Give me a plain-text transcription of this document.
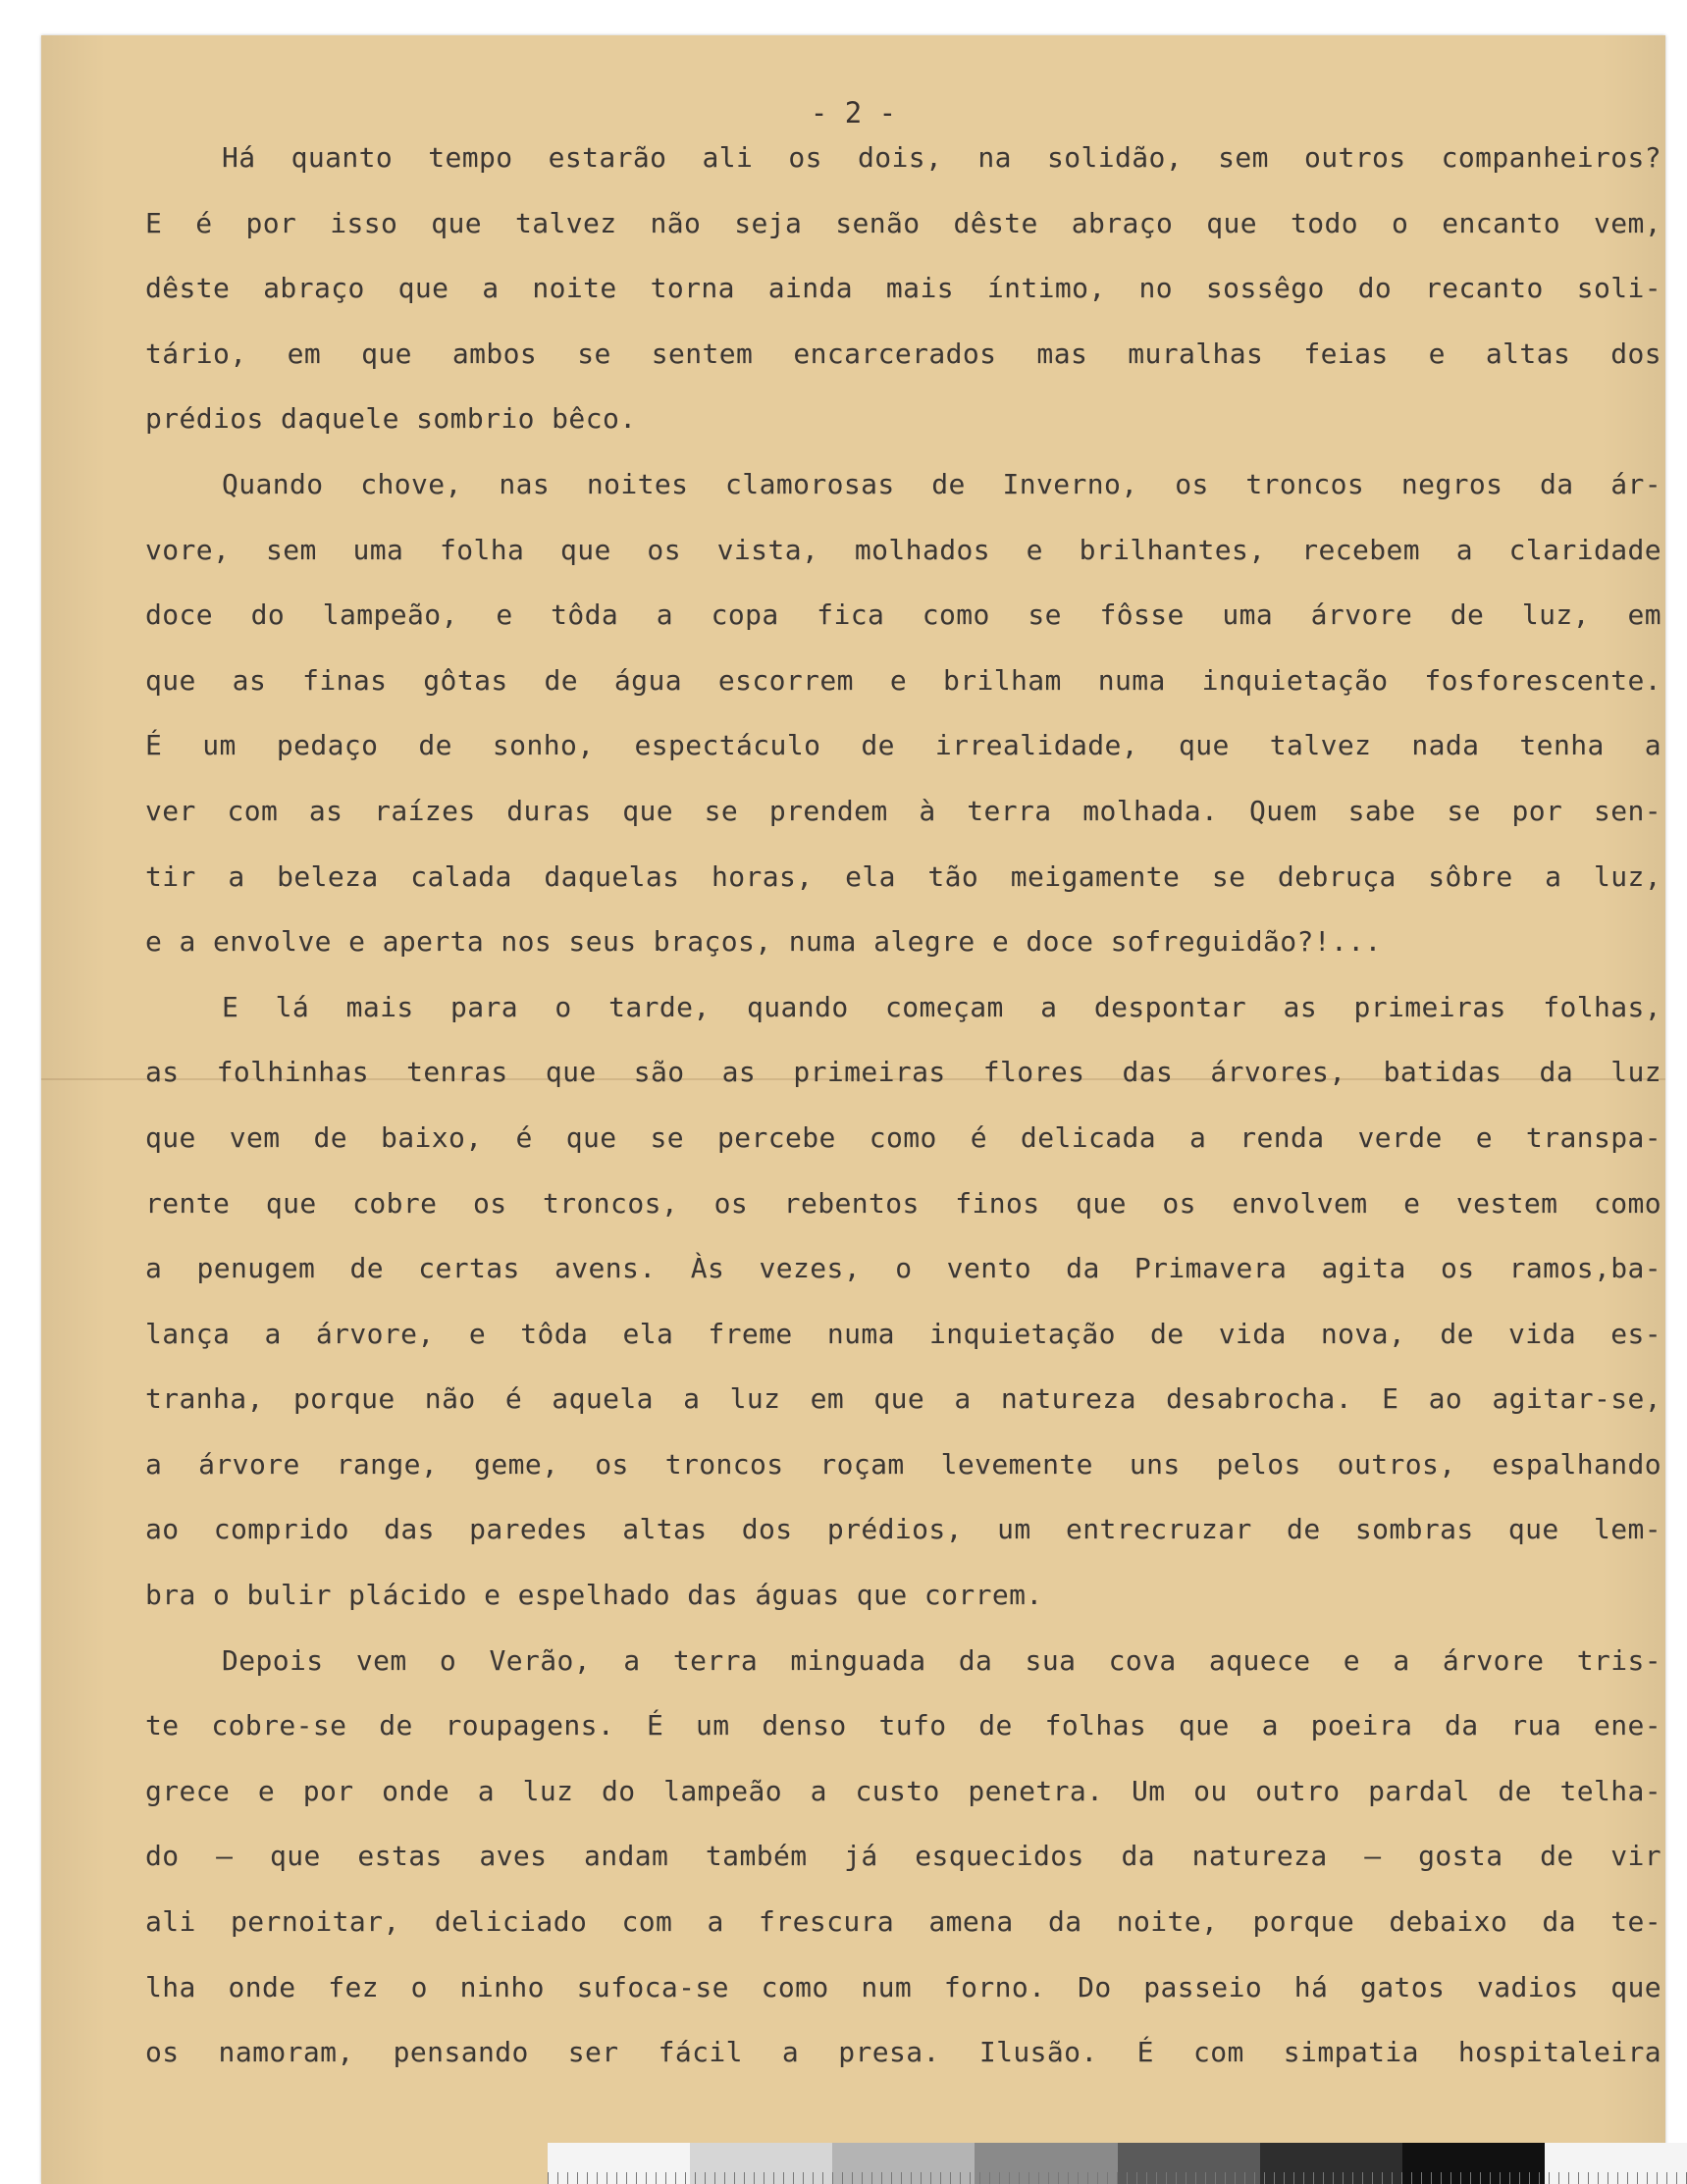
- 2 -
Há quanto tempo estarão ali os dois, na solidão, sem outros companheiros?
E é por isso que talvez não seja senão dêste abraço que todo o encanto vem,
dêste abraço que a noite torna ainda mais íntimo, no sossêgo do recanto soli-
tário, em que ambos se sentem encarcerados mas muralhas feias e altas dos
prédios daquele sombrio bêco.
Quando chove, nas noites clamorosas de Inverno, os troncos negros da ár-
vore, sem uma folha que os vista, molhados e brilhantes, recebem a claridade
doce do lampeão, e tôda a copa fica como se fôsse uma árvore de luz, em
que as finas gôtas de água escorrem e brilham numa inquietação fosforescente.
É um pedaço de sonho, espectáculo de irrealidade, que talvez nada tenha a
ver com as raízes duras que se prendem à terra molhada. Quem sabe se por sen-
tir a beleza calada daquelas horas, ela tão meigamente se debruça sôbre a luz,
e a envolve e aperta nos seus braços, numa alegre e doce sofreguidão?!...
E lá mais para o tarde, quando começam a despontar as primeiras folhas,
as folhinhas tenras que são as primeiras flores das árvores, batidas da luz
que vem de baixo, é que se percebe como é delicada a renda verde e transpa-
rente que cobre os troncos, os rebentos finos que os envolvem e vestem como
a penugem de certas avens. Às vezes, o vento da Primavera agita os ramos,ba-
lança a árvore, e tôda ela freme numa inquietação de vida nova, de vida es-
tranha, porque não é aquela a luz em que a natureza desabrocha. E ao agitar-se,
a árvore range, geme, os troncos roçam levemente uns pelos outros, espalhando
ao comprido das paredes altas dos prédios, um entrecruzar de sombras que lem-
bra o bulir plácido e espelhado das águas que correm.
Depois vem o Verão, a terra minguada da sua cova aquece e a árvore tris-
te cobre-se de roupagens. É um denso tufo de folhas que a poeira da rua ene-
grece e por onde a luz do lampeão a custo penetra. Um ou outro pardal de telha-
do — que estas aves andam também já esquecidos da natureza — gosta de vir
ali pernoitar, deliciado com a frescura amena da noite, porque debaixo da te-
lha onde fez o ninho sufoca-se como num forno. Do passeio há gatos vadios que
os namoram, pensando ser fácil a presa. Ilusão. É com simpatia hospitaleira
